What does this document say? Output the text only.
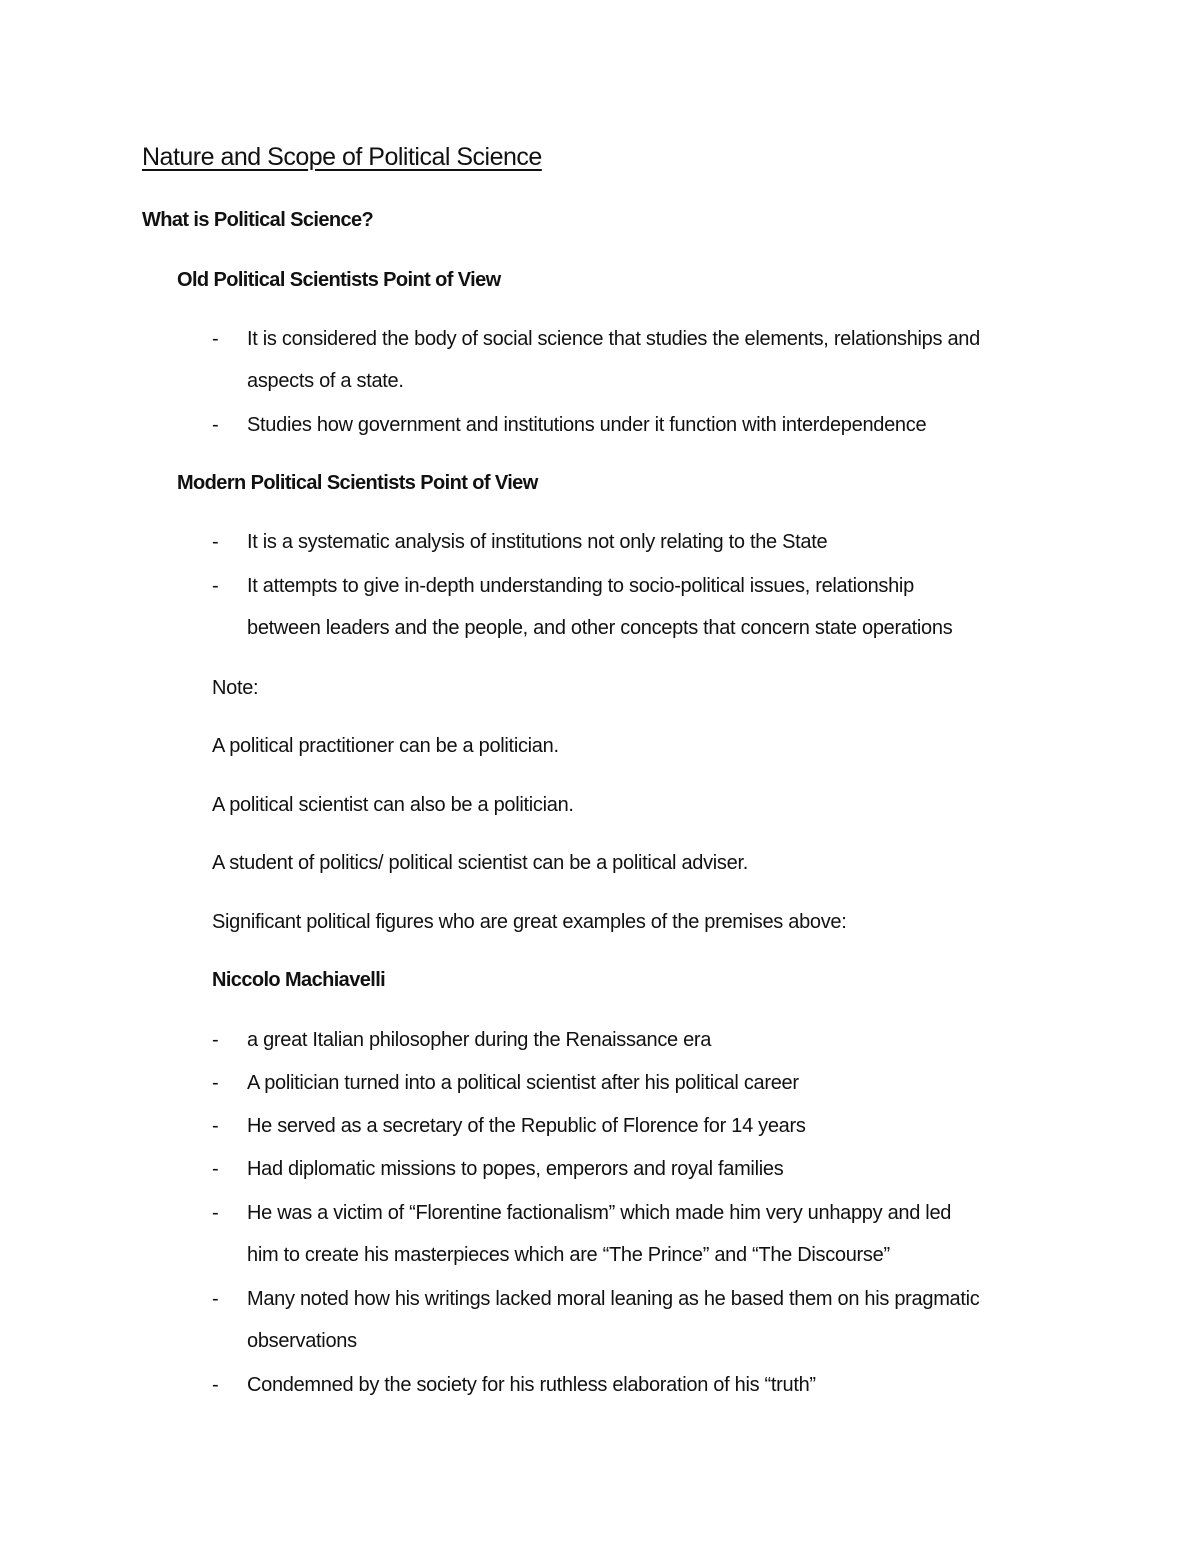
Nature and Scope of Political Science
What is Political Science?
Old Political Scientists Point of View
- It is considered the body of social science that studies the elements, relationships and
aspects of a state.
- Studies how government and institutions under it function with interdependence
Modern Political Scientists Point of View
- It is a systematic analysis of institutions not only relating to the State
- It attempts to give in-depth understanding to socio-political issues, relationship
between leaders and the people, and other concepts that concern state operations
Note:
A political practitioner can be a politician.
A political scientist can also be a politician.
A student of politics/ political scientist can be a political adviser.
Significant political figures who are great examples of the premises above:
Niccolo Machiavelli
- a great Italian philosopher during the Renaissance era
- A politician turned into a political scientist after his political career
- He served as a secretary of the Republic of Florence for 14 years
- Had diplomatic missions to popes, emperors and royal families
- He was a victim of “Florentine factionalism” which made him very unhappy and led
him to create his masterpieces which are “The Prince” and “The Discourse”
- Many noted how his writings lacked moral leaning as he based them on his pragmatic
observations
- Condemned by the society for his ruthless elaboration of his “truth”
